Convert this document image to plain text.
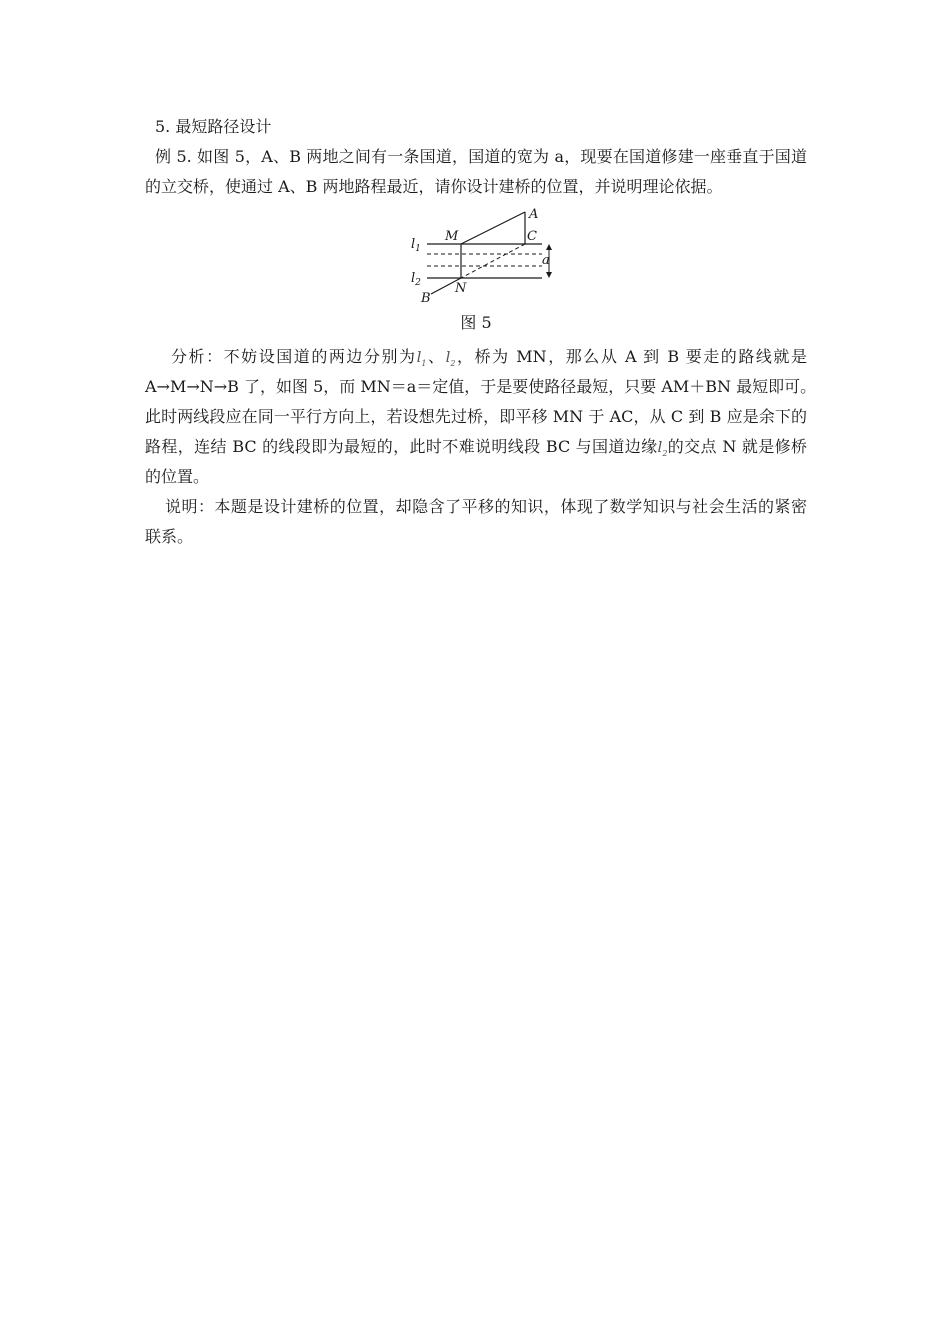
5. 最短路径设计
例 5. 如图 5，A、B 两地之间有一条国道，国道的宽为 a，现要在国道修建一座垂直于国道
的立交桥，使通过 A、B 两地路程最近，请你设计建桥的位置，并说明理论依据。
$l_1$
$l_2$
M
A
C
N
B
a
图 5
分析：不妨设国道的两边分别为$l_1$、$l_2$，桥为 MN，那么从 A 到 B 要走的路线就是
A→M→N→B 了，如图 5，而 MN＝a＝定值，于是要使路径最短，只要 AM＋BN 最短即可。
此时两线段应在同一平行方向上，若设想先过桥，即平移 MN 于 AC，从 C 到 B 应是余下的
路程，连结 BC 的线段即为最短的，此时不难说明线段 BC 与国道边缘$l_2$的交点 N 就是修桥
的位置。
说明：本题是设计建桥的位置，却隐含了平移的知识，体现了数学知识与社会生活的紧密
联系。
